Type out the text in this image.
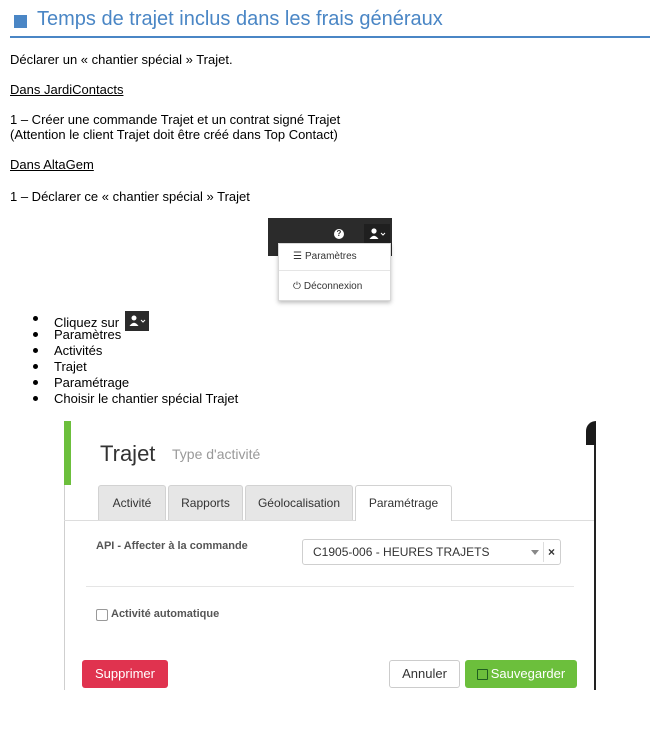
Temps de trajet inclus dans les frais généraux
Déclarer un « chantier spécial » Trajet.
Dans JardiContacts
1 – Créer une commande Trajet et un contrat signé Trajet
(Attention le client Trajet doit être créé dans Top Contact)
Dans AltaGem
1 – Déclarer ce « chantier spécial » Trajet
?
☰ Paramètres
⏻ Déconnexion
Cliquez sur
Paramètres
Activités
Trajet
Paramétrage
Choisir le chantier spécial Trajet
Trajet Type d'activité
Activité	Rapports	Géolocalisation	Paramétrage
API - Affecter à la commande	C1905-006 - HEURES TRAJETS	×
Activité automatique
Supprimer	Annuler	Sauvegarder
